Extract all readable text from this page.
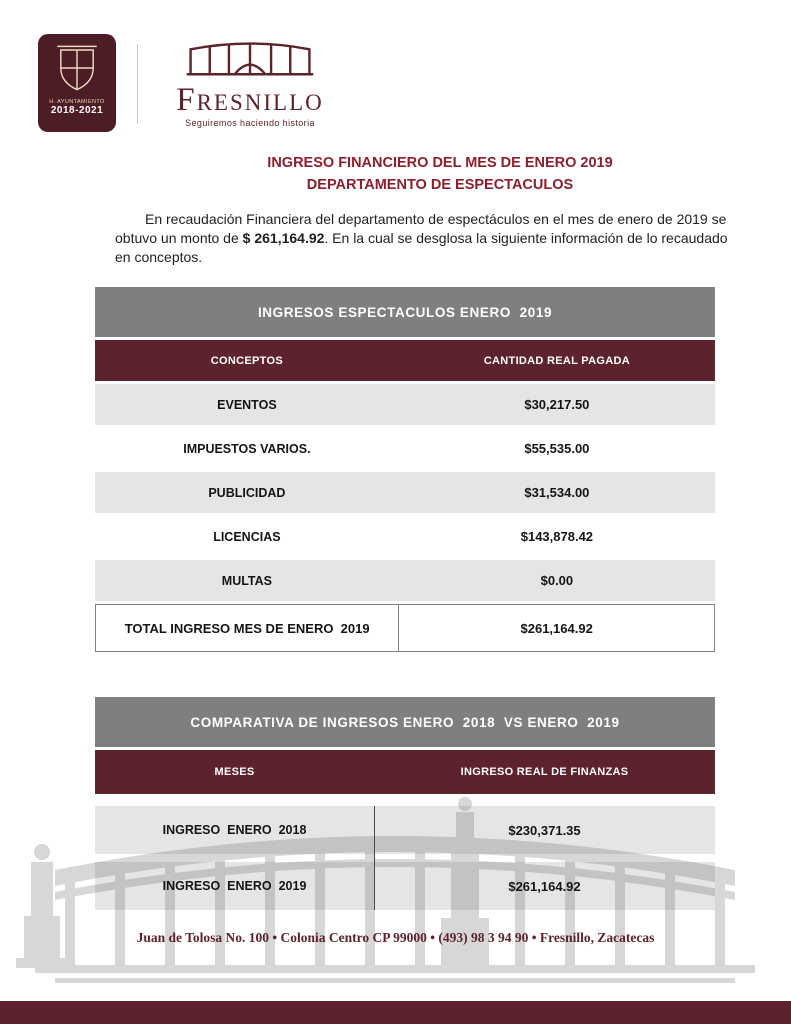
H. AYUNTAMIENTO
2018-2021	Fresnillo
Seguiremos haciendo historia
INGRESO FINANCIERO DEL MES DE ENERO 2019
DEPARTAMENTO DE ESPECTACULOS

En recaudación Financiera del departamento de espectáculos en el mes de enero de 2019 se obtuvo un monto de $ 261,164.92. En la cual se desglosa la siguiente información de lo recaudado en conceptos.

INGRESOS ESPECTACULOS ENERO  2019
CONCEPTOS	CANTIDAD REAL PAGADA
EVENTOS	$30,217.50
IMPUESTOS VARIOS.	$55,535.00
PUBLICIDAD	$31,534.00
LICENCIAS	$143,878.42
MULTAS	$0.00
TOTAL INGRESO MES DE ENERO  2019	$261,164.92
COMPARATIVA DE INGRESOS ENERO  2018  VS ENERO  2019
MESES	INGRESO REAL DE FINANZAS
INGRESO  ENERO  2018	$230,371.35
INGRESO  ENERO  2019	$261,164.92
Juan de Tolosa No. 100 • Colonia Centro CP 99000 • (493) 98 3 94 90 • Fresnillo, Zacatecas
